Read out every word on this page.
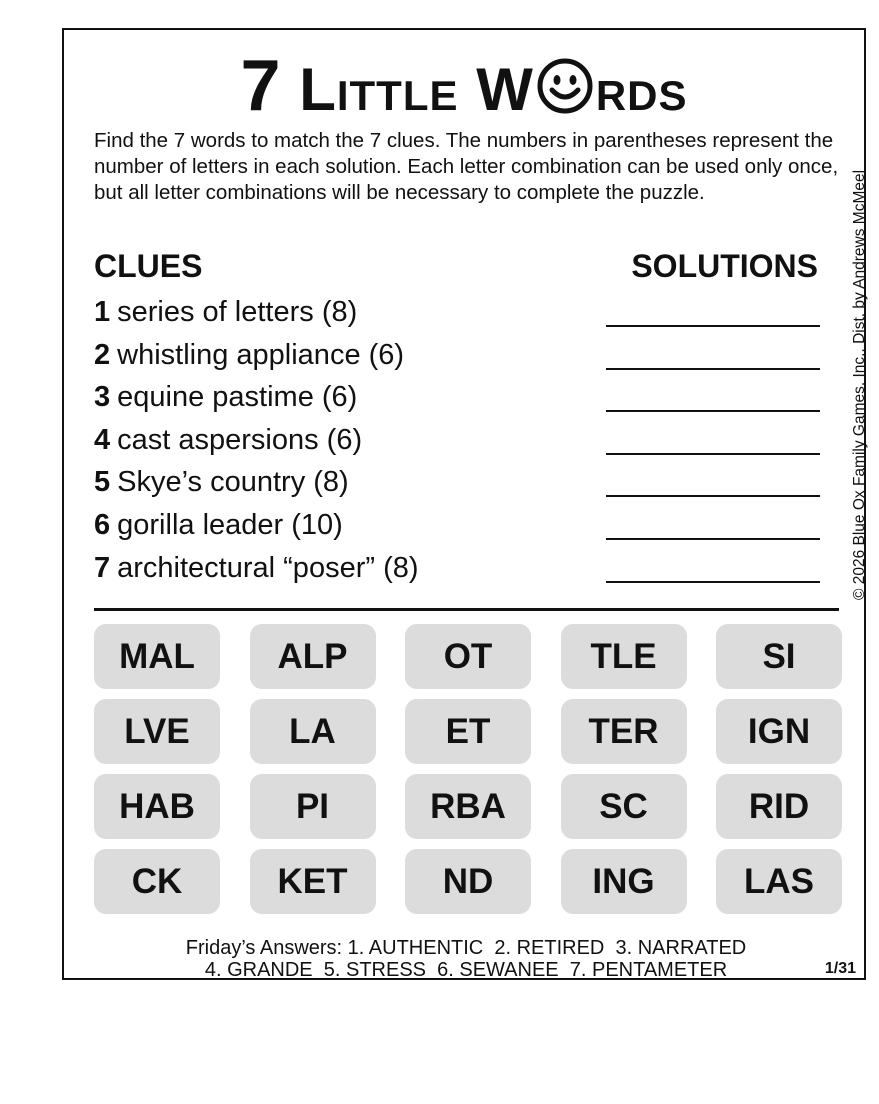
7 Little W rds
Find the 7 words to match the 7 clues. The numbers in parentheses represent the number of letters in each solution. Each letter combination can be used only once, but all letter combinations will be necessary to complete the puzzle.	© 2026 Blue Ox Family Games, Inc., Dist. by Andrews McMeel
CLUES	SOLUTIONS
1 series of letters (8)
2 whistling appliance (6)
3 equine pastime (6)
4 cast aspersions (6)
5 Skye’s country (8)
6 gorilla leader (10)
7 architectural “poser” (8)
MAL	ALP	OT	TLE	SI
LVE	LA	ET	TER	IGN
HAB	PI	RBA	SC	RID
CK	KET	ND	ING	LAS
Friday’s Answers: 1. AUTHENTIC  2. RETIRED  3. NARRATED
4. GRANDE  5. STRESS  6. SEWANEE  7. PENTAMETER	1/31
